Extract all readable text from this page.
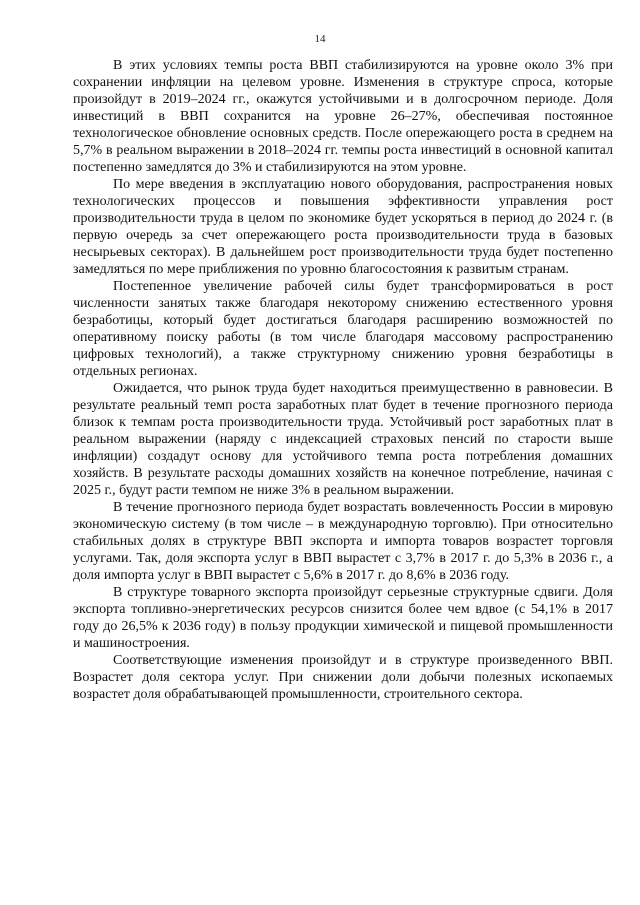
14

В этих условиях темпы роста ВВП стабилизируются на уровне около 3% при сохранении инфляции на целевом уровне. Изменения в структуре спроса, которые произойдут в 2019–2024 гг., окажутся устойчивыми и в долгосрочном периоде. Доля инвестиций в ВВП сохранится на уровне 26–27%, обеспечивая постоянное технологическое обновление основных средств. После опережающего роста в среднем на 5,7% в реальном выражении в 2018–2024 гг. темпы роста инвестиций в основной капитал постепенно замедлятся до 3% и стабилизируются на этом уровне.

По мере введения в эксплуатацию нового оборудования, распространения новых технологических процессов и повышения эффективности управления рост производительности труда в целом по экономике будет ускоряться в период до 2024 г. (в первую очередь за счет опережающего роста производительности труда в базовых несырьевых секторах). В дальнейшем рост производительности труда будет постепенно замедляться по мере приближения по уровню благосостояния к развитым странам.

Постепенное увеличение рабочей силы будет трансформироваться в рост численности занятых также благодаря некоторому снижению естественного уровня безработицы, который будет достигаться благодаря расширению возможностей по оперативному поиску работы (в том числе благодаря массовому распространению цифровых технологий), а также структурному снижению уровня безработицы в отдельных регионах.

Ожидается, что рынок труда будет находиться преимущественно в равновесии. В результате реальный темп роста заработных плат будет в течение прогнозного периода близок к темпам роста производительности труда. Устойчивый рост заработных плат в реальном выражении (наряду с индексацией страховых пенсий по старости выше инфляции) создадут основу для устойчивого темпа роста потребления домашних хозяйств. В результате расходы домашних хозяйств на конечное потребление, начиная с 2025 г., будут расти темпом не ниже 3% в реальном выражении.

В течение прогнозного периода будет возрастать вовлеченность России в мировую экономическую систему (в том числе – в международную торговлю). При относительно стабильных долях в структуре ВВП экспорта и импорта товаров возрастет торговля услугами. Так, доля экспорта услуг в ВВП вырастет с 3,7% в 2017 г. до 5,3% в 2036 г., а доля импорта услуг в ВВП вырастет с 5,6% в 2017 г. до 8,6% в 2036 году.

В структуре товарного экспорта произойдут серьезные структурные сдвиги. Доля экспорта топливно-энергетических ресурсов снизится более чем вдвое (с 54,1% в 2017 году до 26,5% к 2036 году) в пользу продукции химической и пищевой промышленности и машиностроения.

Соответствующие изменения произойдут и в структуре произведенного ВВП. Возрастет доля сектора услуг. При снижении доли добычи полезных ископаемых возрастет доля обрабатывающей промышленности, строительного сектора.
